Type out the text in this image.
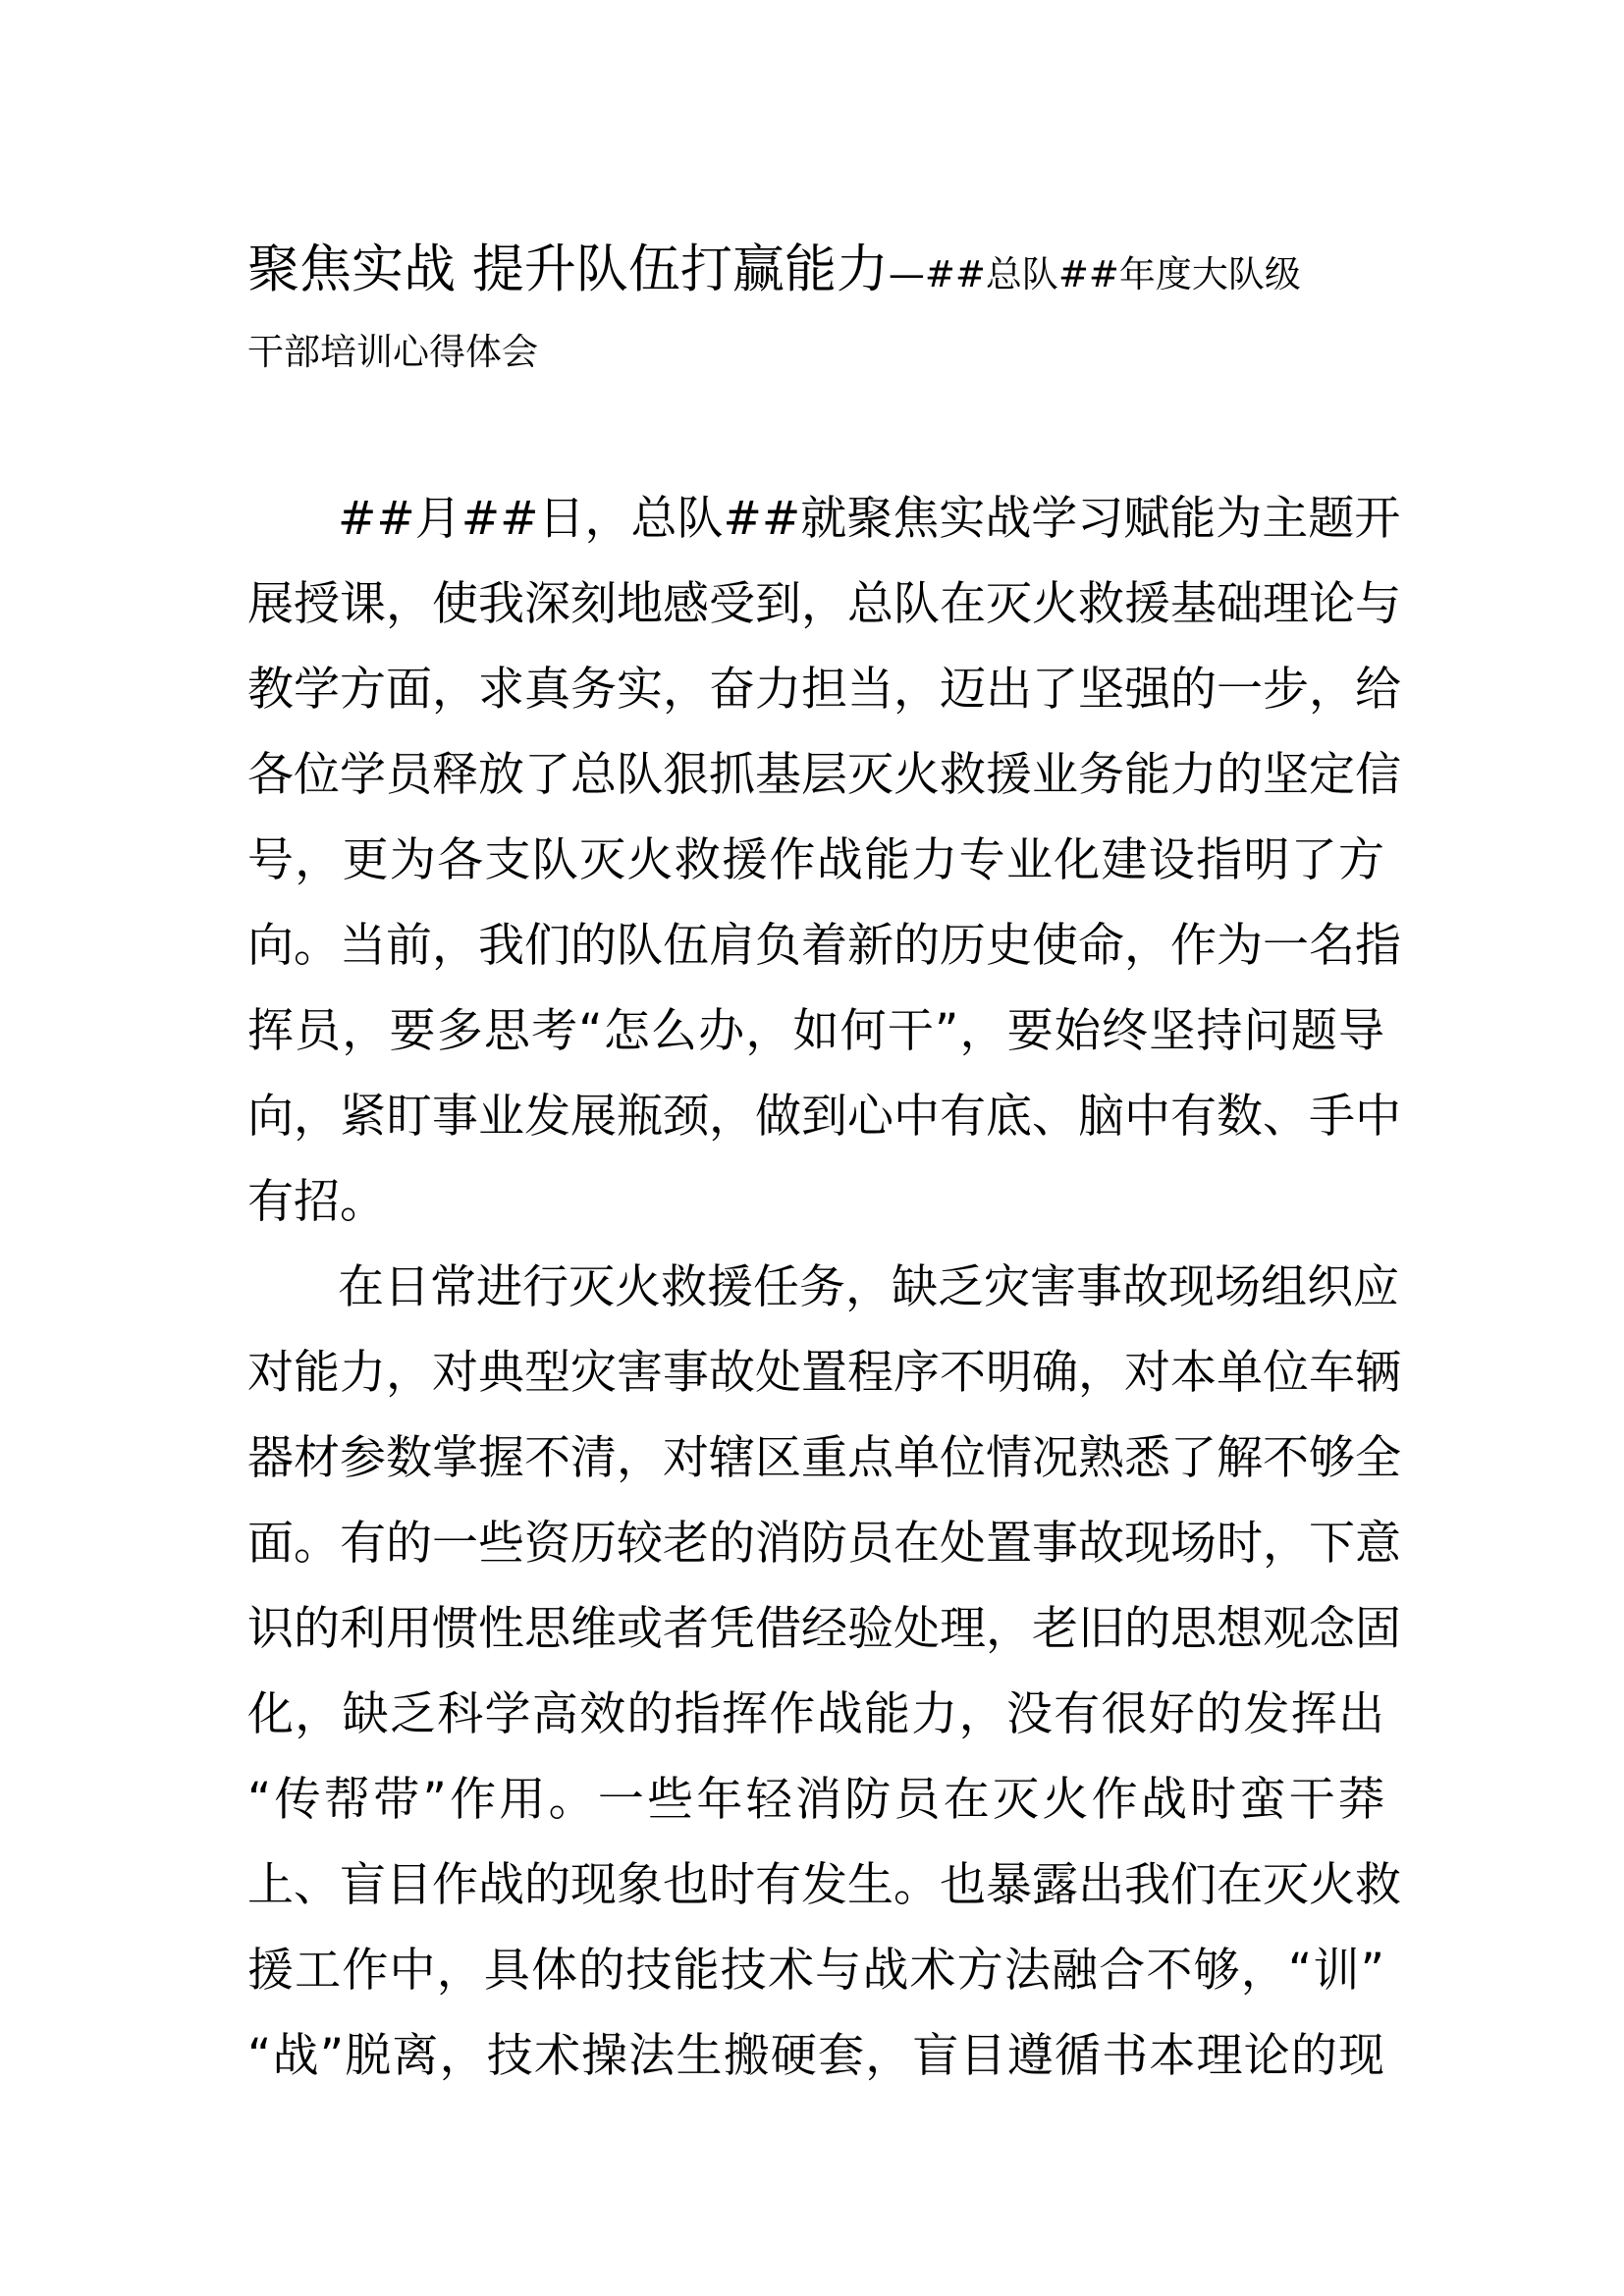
聚焦实战 提升队伍打赢能力—##总队##年度大队级
干部培训心得体会
##月##日，总队##就聚焦实战学习赋能为主题开
展授课，使我深刻地感受到，总队在灭火救援基础理论与
教学方面，求真务实，奋力担当，迈出了坚强的一步，给
各位学员释放了总队狠抓基层灭火救援业务能力的坚定信
号，更为各支队灭火救援作战能力专业化建设指明了方
向。当前，我们的队伍肩负着新的历史使命，作为一名指
挥员，要多思考“怎么办，如何干”，要始终坚持问题导
向，紧盯事业发展瓶颈，做到心中有底、脑中有数、手中
有招。
在日常进行灭火救援任务，缺乏灾害事故现场组织应
对能力，对典型灾害事故处置程序不明确，对本单位车辆
器材参数掌握不清，对辖区重点单位情况熟悉了解不够全
面。有的一些资历较老的消防员在处置事故现场时，下意
识的利用惯性思维或者凭借经验处理，老旧的思想观念固
化，缺乏科学高效的指挥作战能力，没有很好的发挥出
“传帮带”作用。一些年轻消防员在灭火作战时蛮干莽
上、盲目作战的现象也时有发生。也暴露出我们在灭火救
援工作中，具体的技能技术与战术方法融合不够，“训”
“战”脱离，技术操法生搬硬套，盲目遵循书本理论的现
